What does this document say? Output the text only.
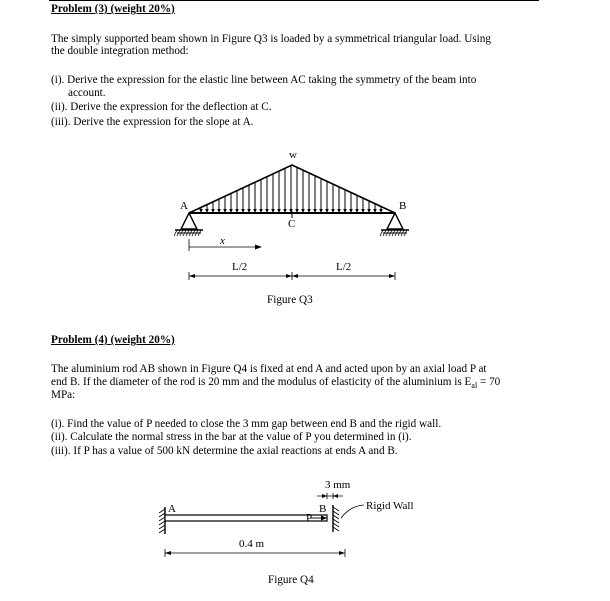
Problem (3) (weight 20%)
The simply supported beam shown in Figure Q3 is loaded by a symmetrical triangular load. Using
the double integration method:
(i). Derive the expression for the elastic line between AC taking the symmetry of the beam into
account.
(ii). Derive the expression for the deflection at C.
(iii). Derive the expression for the slope at A.
w
A	B
C
x
L/2	L/2
3 mm
A	B
P
Rigid Wall
0.4 m
Figure Q3
Problem (4) (weight 20%)
The aluminium rod AB shown in Figure Q4 is fixed at end A and acted upon by an axial load P at
end B. If the diameter of the rod is 20 mm and the modulus of elasticity of the aluminium is $E_{al} = 70$
MPa:
(i). Find the value of P needed to close the 3 mm gap between end B and the rigid wall.
(ii). Calculate the normal stress in the bar at the value of P you determined in (i).
(iii). If P has a value of 500 kN determine the axial reactions at ends A and B.
Figure Q4
